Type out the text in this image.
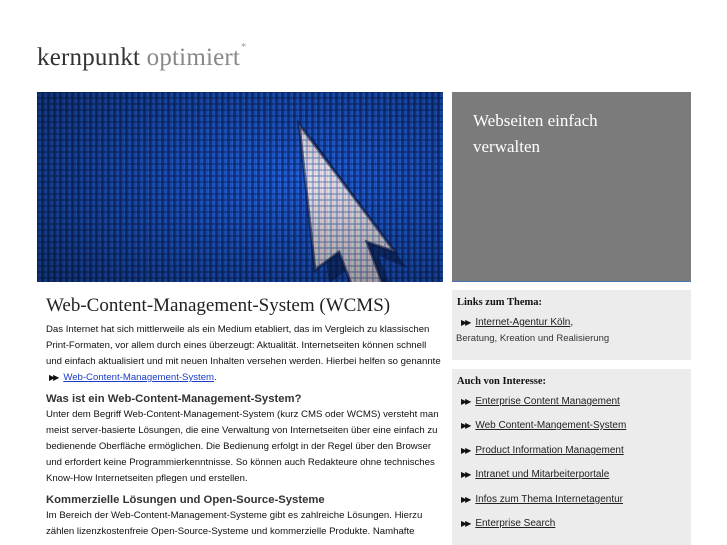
kernpunkt optimiert*
Webseiten einfach
verwalten
Web-Content-Management-System (WCMS)

Das Internet hat sich mittlerweile als ein Medium etabliert, das im Vergleich zu klassischen Print-Formaten, vor allem durch eines überzeugt: Aktualität. Internetseiten können schnell und einfach aktualisiert und mit neuen Inhalten versehen werden. Hierbei helfen so genannte ▶▶ Web-Content-Management-System.

Was ist ein Web-Content-Management-System?

Unter dem Begriff Web-Content-Management-System (kurz CMS oder WCMS) versteht man meist server-basierte Lösungen, die eine Verwaltung von Internetseiten über eine einfach zu bedienende Oberfläche ermöglichen. Die Bedienung erfolgt in der Regel über den Browser und erfordert keine Programmierkenntnisse. So können auch Redakteure ohne technisches Know-How Internetseiten pflegen und erstellen.

Kommerzielle Lösungen und Open-Source-Systeme

Im Bereich der Web-Content-Management-Systeme gibt es zahlreiche Lösungen. Hierzu zählen lizenzkostenfreie Open-Source-Systeme und kommerzielle Produkte. Namhafte

Links zum Thema:
▶▶ Internet-Agentur Köln,
Beratung, Kreation und Realisierung
Auch von Interesse:
▶▶ Enterprise Content Management
▶▶ Web Content-Mangement-System
▶▶ Product Information Management
▶▶ Intranet und Mitarbeiterportale
▶▶ Infos zum Thema Internetagentur
▶▶ Enterprise Search
